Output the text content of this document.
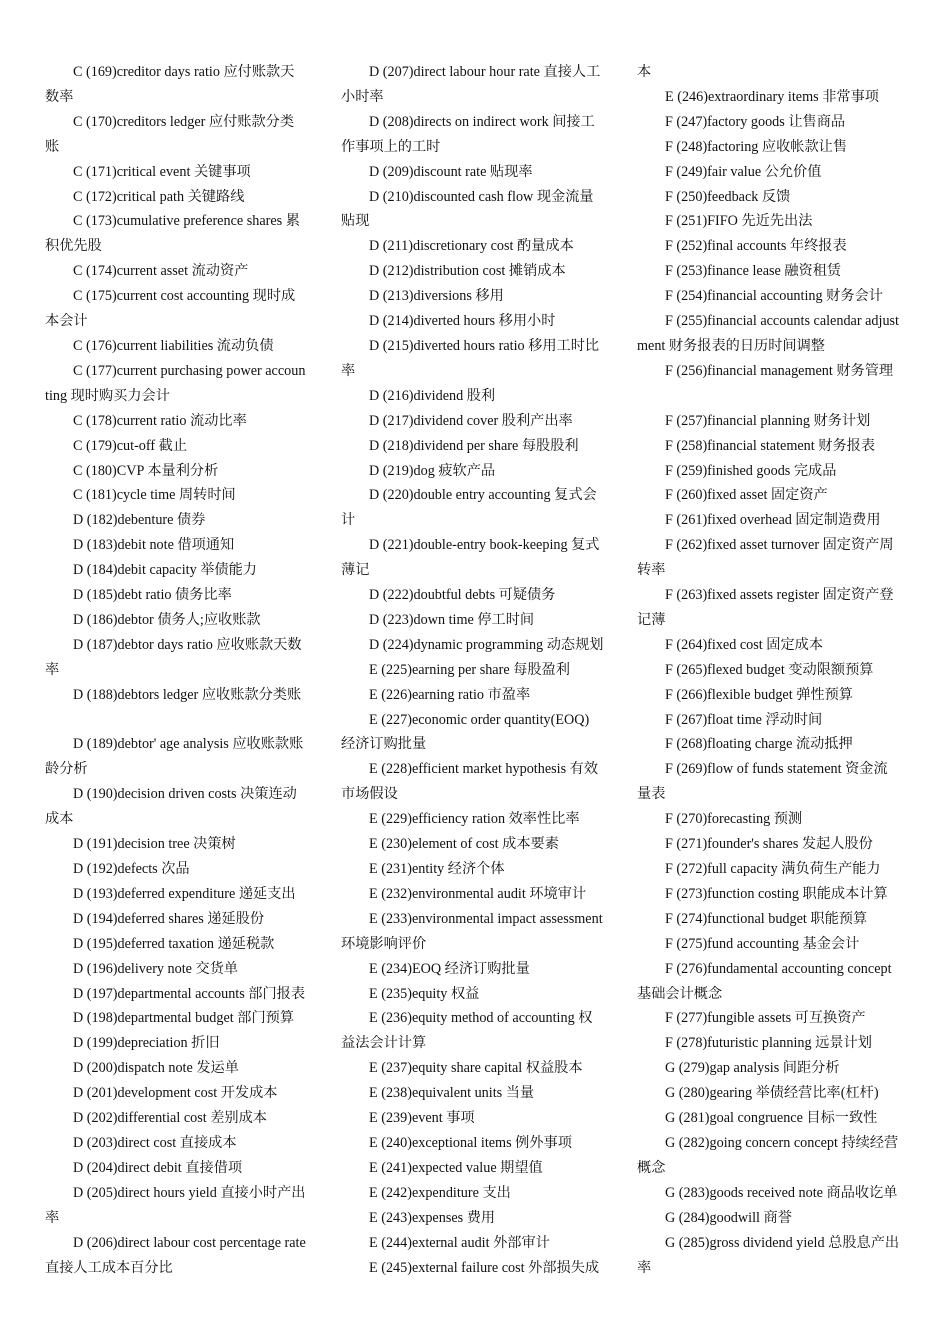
C (169)creditor days ratio 应付账款天数率

C (170)creditors ledger 应付账款分类账

C (171)critical event 关键事项

C (172)critical path 关键路线

C (173)cumulative preference shares 累积优先股

C (174)current asset 流动资产

C (175)current cost accounting 现时成本会计

C (176)current liabilities 流动负债

C (177)current purchasing power accounting 现时购买力会计

C (178)current ratio 流动比率

C (179)cut-off 截止

C (180)CVP 本量利分析

C (181)cycle time 周转时间

D (182)debenture 债券

D (183)debit note 借项通知

D (184)debit capacity 举债能力

D (185)debt ratio 债务比率

D (186)debtor 债务人;应收账款

D (187)debtor days ratio 应收账款天数率

D (188)debtors ledger 应收账款分类账

D (189)debtor' age analysis 应收账款账龄分析

D (190)decision driven costs 决策连动成本

D (191)decision tree 决策树

D (192)defects 次品

D (193)deferred expenditure 递延支出

D (194)deferred shares 递延股份

D (195)deferred taxation 递延税款

D (196)delivery note 交货单

D (197)departmental accounts 部门报表

D (198)departmental budget 部门预算

D (199)depreciation 折旧

D (200)dispatch note 发运单

D (201)development cost 开发成本

D (202)differential cost 差别成本

D (203)direct cost 直接成本

D (204)direct debit 直接借项

D (205)direct hours yield 直接小时产出率

D (206)direct labour cost percentage rate 直接人工成本百分比

D (207)direct labour hour rate 直接人工小时率

D (208)directs on indirect work 间接工作事项上的工时

D (209)discount rate 贴现率

D (210)discounted cash flow 现金流量贴现

D (211)discretionary cost 酌量成本

D (212)distribution cost 摊销成本

D (213)diversions 移用

D (214)diverted hours 移用小时

D (215)diverted hours ratio 移用工时比率

D (216)dividend 股利

D (217)dividend cover 股利产出率

D (218)dividend per share 每股股利

D (219)dog 疲软产品

D (220)double entry accounting 复式会计

D (221)double-entry book-keeping 复式薄记

D (222)doubtful debts 可疑债务

D (223)down time 停工时间

D (224)dynamic programming 动态规划

E (225)earning per share 每股盈利

E (226)earning ratio 市盈率

E (227)economic order quantity(EOQ) 经济订购批量

E (228)efficient market hypothesis 有效市场假设

E (229)efficiency ration 效率性比率

E (230)element of cost 成本要素

E (231)entity 经济个体

E (232)environmental audit 环境审计

E (233)environmental impact assessment 环境影响评价

E (234)EOQ 经济订购批量

E (235)equity 权益

E (236)equity method of accounting 权益法会计计算

E (237)equity share capital 权益股本

E (238)equivalent units 当量

E (239)event 事项

E (240)exceptional items 例外事项

E (241)expected value 期望值

E (242)expenditure 支出

E (243)expenses 费用

E (244)external audit 外部审计

E (245)external failure cost 外部损失成

本

E (246)extraordinary items 非常事项

F (247)factory goods 让售商品

F (248)factoring 应收帐款让售

F (249)fair value 公允价值

F (250)feedback 反馈

F (251)FIFO 先近先出法

F (252)final accounts 年终报表

F (253)finance lease 融资租赁

F (254)financial accounting 财务会计

F (255)financial accounts calendar adjustment 财务报表的日历时间调整

F (256)financial management 财务管理

F (257)financial planning 财务计划

F (258)financial statement 财务报表

F (259)finished goods 完成品

F (260)fixed asset 固定资产

F (261)fixed overhead 固定制造费用

F (262)fixed asset turnover 固定资产周转率

F (263)fixed assets register 固定资产登记薄

F (264)fixed cost 固定成本

F (265)flexed budget 变动限额预算

F (266)flexible budget 弹性预算

F (267)float time 浮动时间

F (268)floating charge 流动抵押

F (269)flow of funds statement 资金流量表

F (270)forecasting 预测

F (271)founder's shares 发起人股份

F (272)full capacity 满负荷生产能力

F (273)function costing 职能成本计算

F (274)functional budget 职能预算

F (275)fund accounting 基金会计

F (276)fundamental accounting concept 基础会计概念

F (277)fungible assets 可互换资产

F (278)futuristic planning 远景计划

G (279)gap analysis 间距分析

G (280)gearing 举债经营比率(杠杆)

G (281)goal congruence 目标一致性

G (282)going concern concept 持续经营概念

G (283)goods received note 商品收讫单

G (284)goodwill 商誉

G (285)gross dividend yield 总股息产出率
